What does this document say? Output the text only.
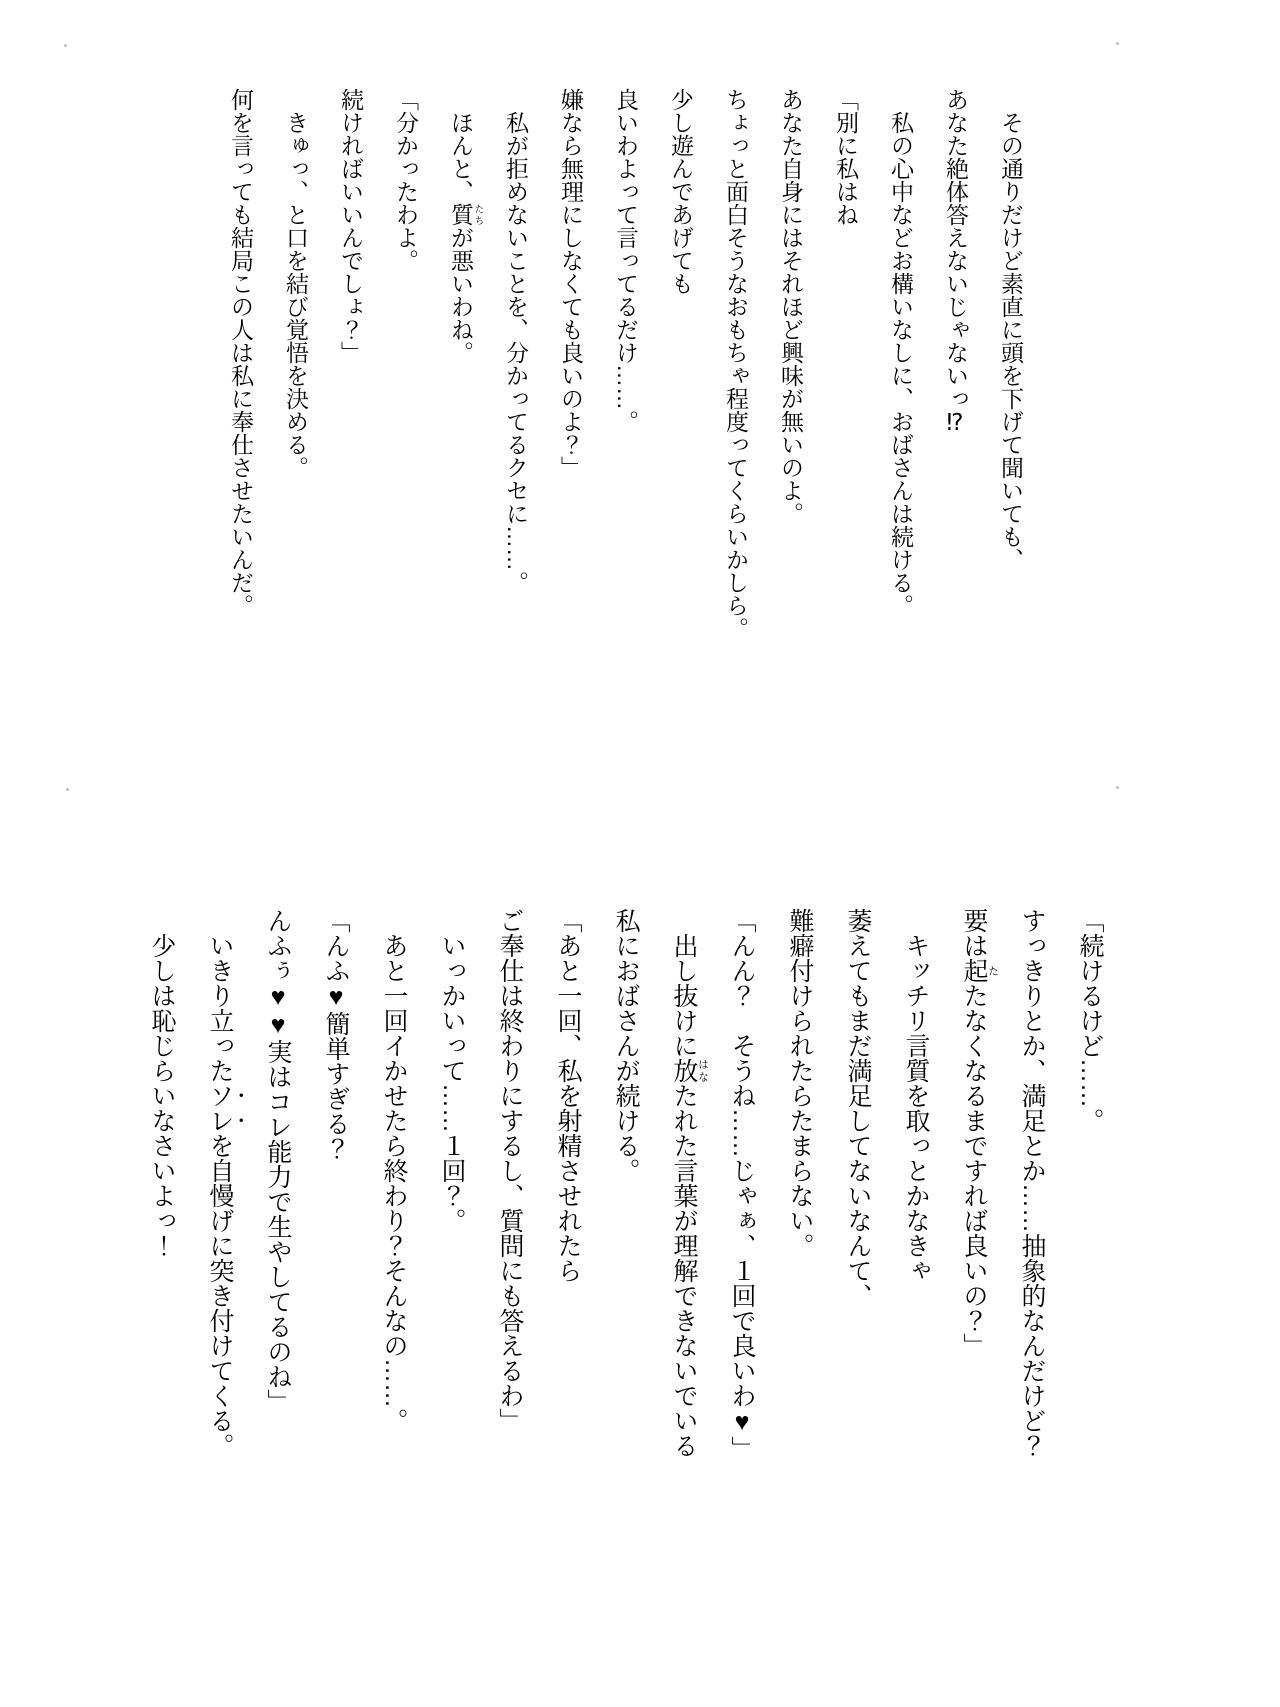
その通りだけど素直に頭を下げて聞いても、
あなた絶体答えないじゃないっ⁉
私の心中などお構いなしに、おばさんは続ける。
「別に私はね
あなた自身にはそれほど興味が無いのよ。
ちょっと面白そうなおもちゃ程度ってくらいかしら。
少し遊んであげても
良いわよって言ってるだけ……。
嫌なら無理にしなくても良いのよ？」
私が拒めないことを、分かってるクセに……。
ほんと、質たちが悪いわね。
「分かったわよ。
続ければいいんでしょ？」
きゅっ、と口を結び覚悟を決める。
何を言っても結局この人は私に奉仕させたいんだ。
「続けるけど……。
すっきりとか、満足とか……抽象的なんだけど？
要は起 たたなくなるまですれば良いの？」
キッチリ言質を取っとかなきゃ
萎えてもまだ満足してないなんて、
難癖付けられたらたまらない。
「んん？　そうね……じゃぁ、１回で良いわ♥」
出し抜けに放 はなたれた言葉が理解できないでいる
私におばさんが続ける。
「あと一回、私を射精させれたら
ご奉仕は終わりにするし、質問にも答えるわ」
いっかいって……１回？。
あと一回イかせたら終わり？そんなの……。
「んふ♥簡単すぎる？
んふぅ♥♥実はコレ能力で生やしてるのね」
いきり立ったソレを自慢げに突き付けてくる。
少しは恥じらいなさいよっ！
